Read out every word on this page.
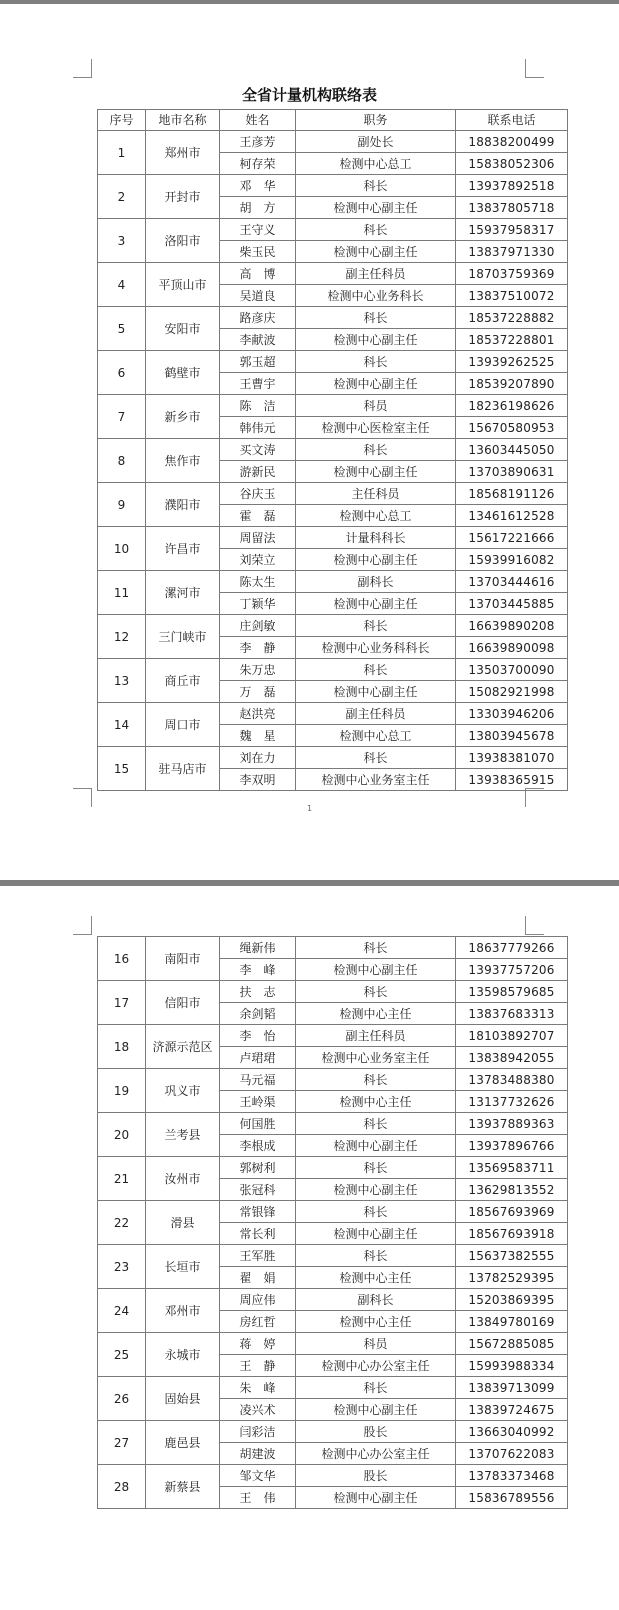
全省计量机构联络表
序号	地市名称	姓名	职务	联系电话
1	郑州市	王彦芳	副处长	18838200499
		柯存荣	检测中心总工	15838052306
2	开封市	邓　华	科长	13937892518
		胡　方	检测中心副主任	13837805718
3	洛阳市	王守义	科长	15937958317
		柴玉民	检测中心副主任	13837971330
4	平顶山市	高　博	副主任科员	18703759369
		吴道良	检测中心业务科长	13837510072
5	安阳市	路彦庆	科长	18537228882
		李献波	检测中心副主任	18537228801
6	鹤壁市	郭玉超	科长	13939262525
		王曹宇	检测中心副主任	18539207890
7	新乡市	陈　洁	科员	18236198626
		韩伟元	检测中心医检室主任	15670580953
8	焦作市	买文涛	科长	13603445050
		游新民	检测中心副主任	13703890631
9	濮阳市	谷庆玉	主任科员	18568191126
		霍　磊	检测中心总工	13461612528
10	许昌市	周留法	计量科科长	15617221666
		刘荣立	检测中心副主任	15939916082
11	漯河市	陈太生	副科长	13703444616
		丁颖华	检测中心副主任	13703445885
12	三门峡市	庄剑敏	科长	16639890208
		李　静	检测中心业务科科长	16639890098
13	商丘市	朱万忠	科长	13503700090
		万　磊	检测中心副主任	15082921998
14	周口市	赵洪亮	副主任科员	13303946206
		魏　星	检测中心总工	13803945678
15	驻马店市	刘在力	科长	13938381070
		李双明	检测中心业务室主任	13938365915
1
16	南阳市	绳新伟	科长	18637779266
		李　峰	检测中心副主任	13937757206
17	信阳市	扶　志	科长	13598579685
		余剑韬	检测中心主任	13837683313
18	济源示范区	李　怡	副主任科员	18103892707
		卢珺珺	检测中心业务室主任	13838942055
19	巩义市	马元福	科长	13783488380
		王岭渠	检测中心主任	13137732626
20	兰考县	何国胜	科长	13937889363
		李根成	检测中心副主任	13937896766
21	汝州市	郭树利	科长	13569583711
		张冠科	检测中心副主任	13629813552
22	滑县	常银锋	科长	18567693969
		常长利	检测中心副主任	18567693918
23	长垣市	王军胜	科长	15637382555
		翟　娟	检测中心主任	13782529395
24	邓州市	周应伟	副科长	15203869395
		房红哲	检测中心主任	13849780169
25	永城市	蒋　婷	科员	15672885085
		王　静	检测中心办公室主任	15993988334
26	固始县	朱　峰	科长	13839713099
		凌兴术	检测中心副主任	13839724675
27	鹿邑县	闫彩洁	股长	13663040992
		胡建波	检测中心办公室主任	13707622083
28	新蔡县	邹文华	股长	13783373468
		王　伟	检测中心副主任	15836789556
